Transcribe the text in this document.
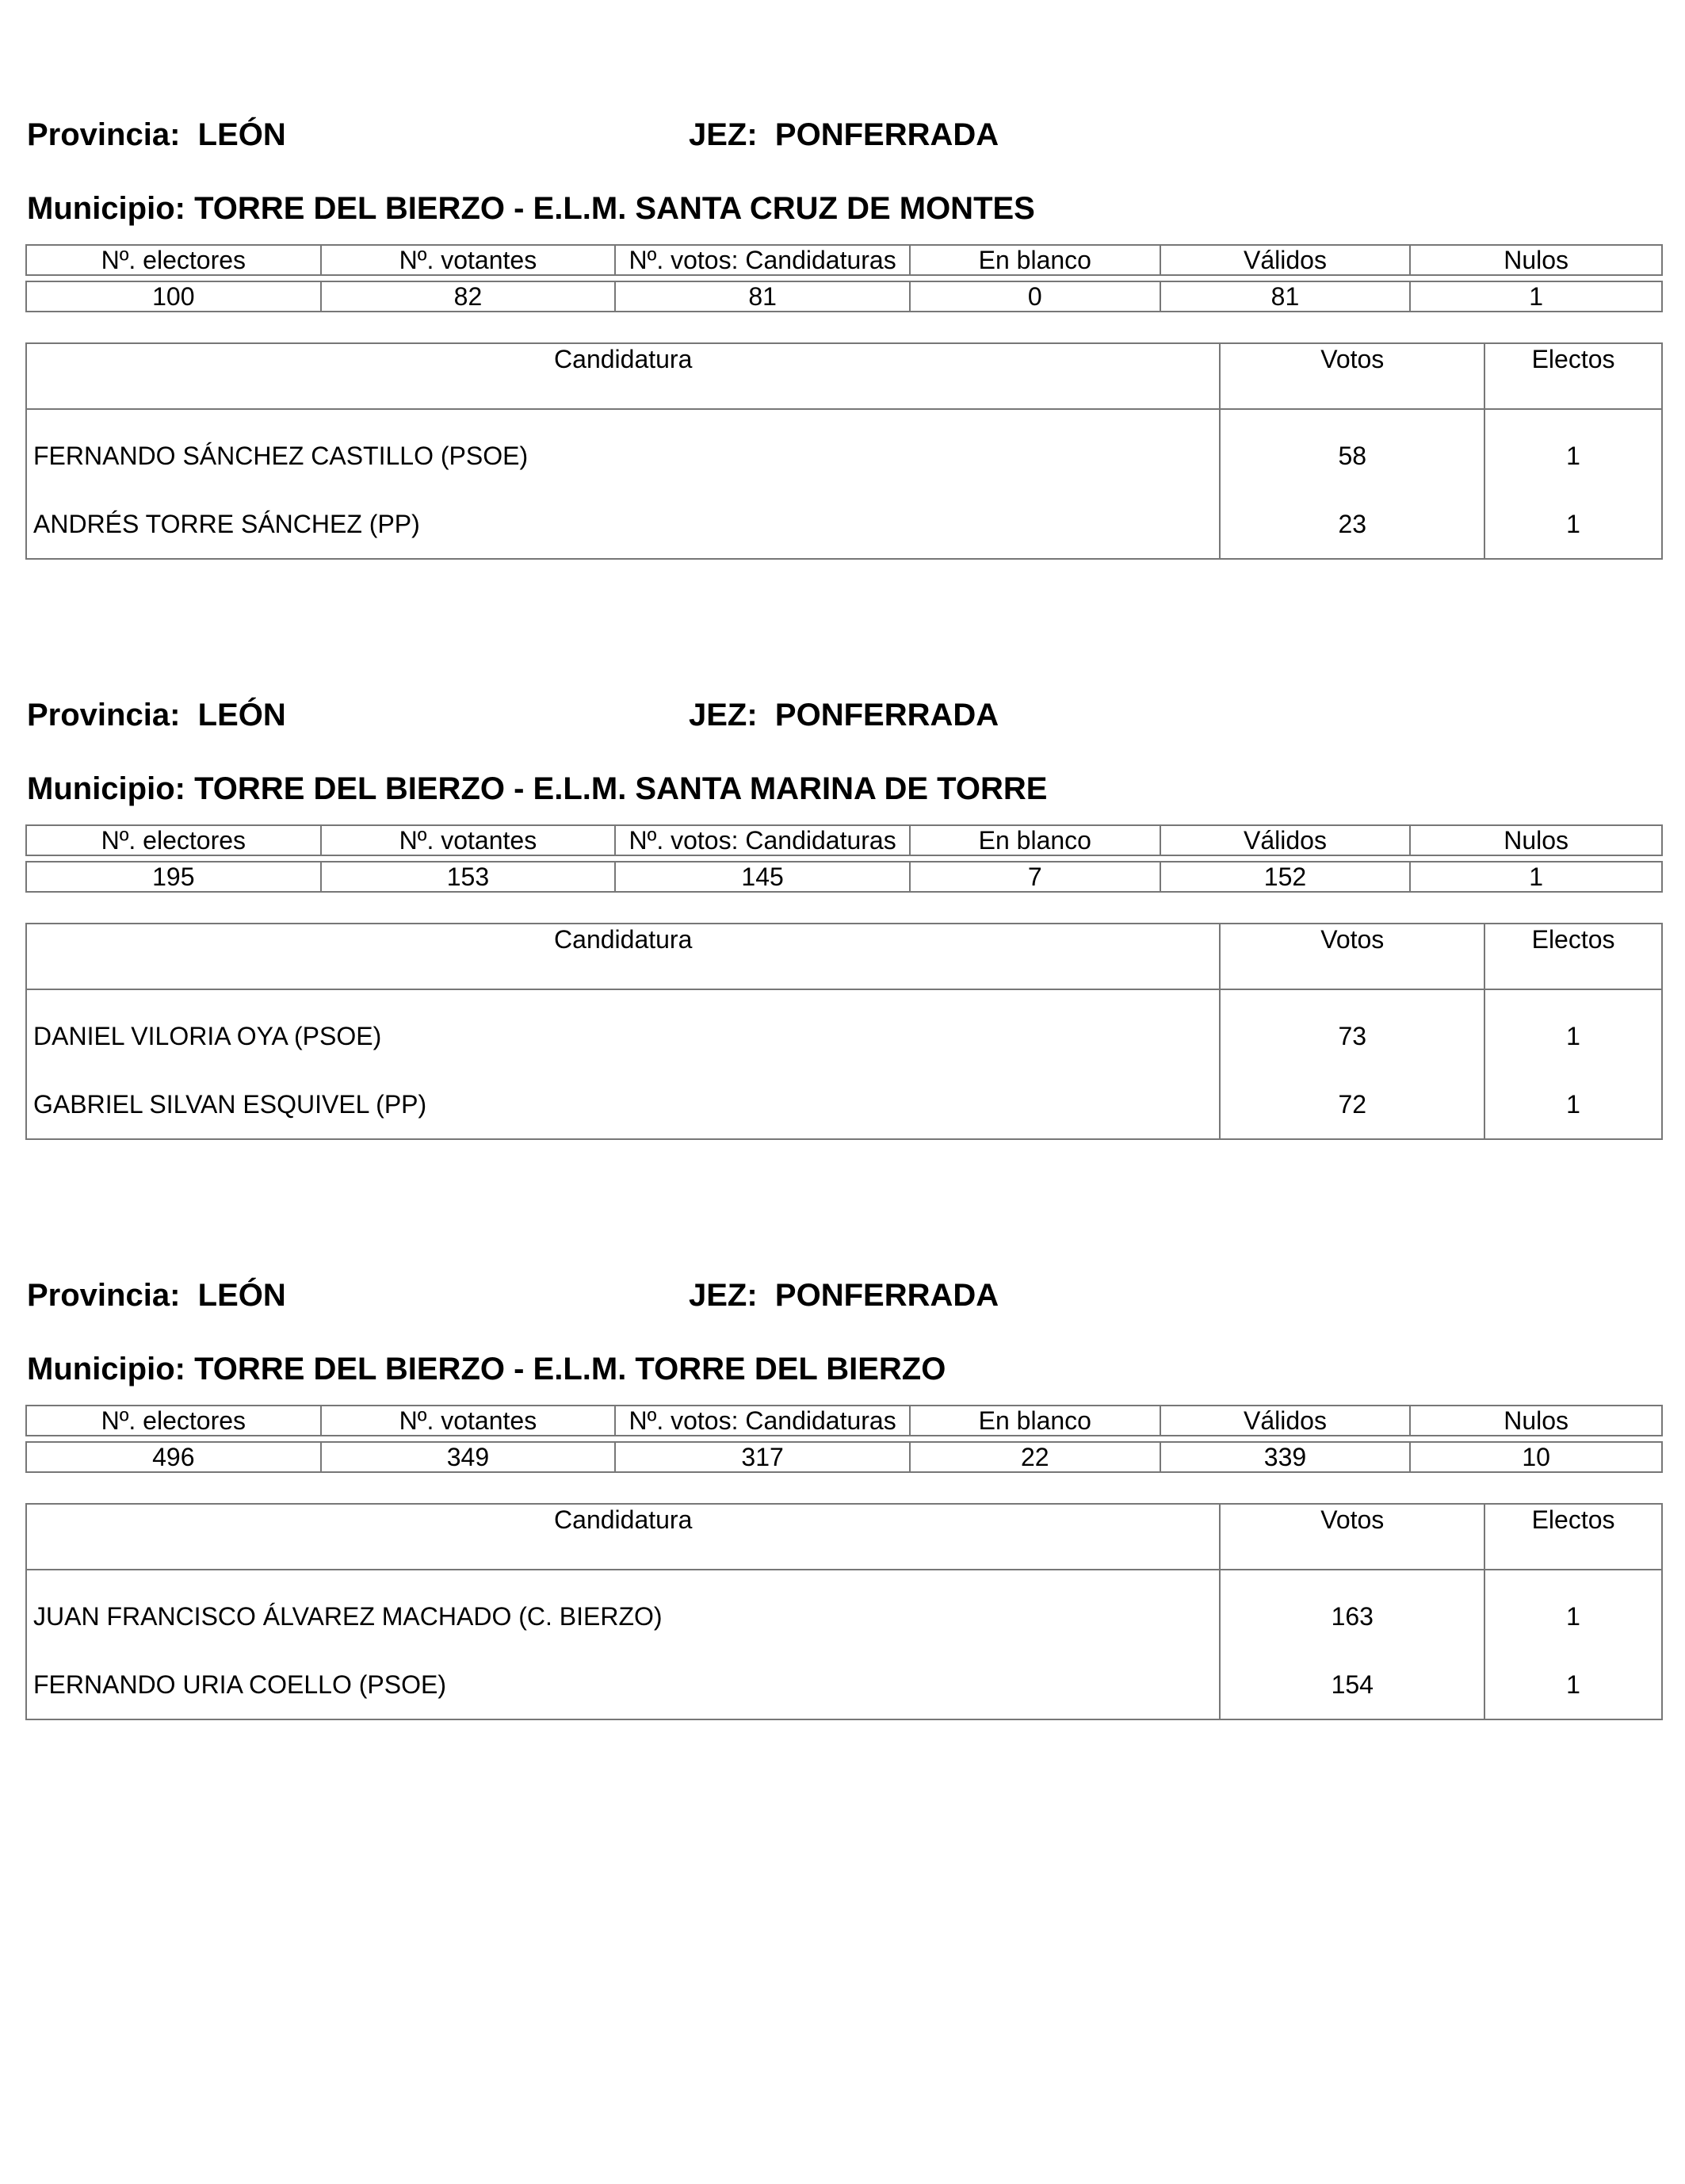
Provincia: LEÓN	JEZ: PONFERRADA
Municipio: TORRE DEL BIERZO - E.L.M. SANTA CRUZ DE MONTES
Nº. electores	Nº. votantes	Nº. votos: Candidaturas	En blanco	Válidos	Nulos

100	82	81	0	81	1
Candidatura	Votos	Electos
FERNANDO SÁNCHEZ CASTILLO (PSOE)	58	1
ANDRÉS TORRE SÁNCHEZ (PP)	23	1
Provincia: LEÓN	JEZ: PONFERRADA
Municipio: TORRE DEL BIERZO - E.L.M. SANTA MARINA DE TORRE
Nº. electores	Nº. votantes	Nº. votos: Candidaturas	En blanco	Válidos	Nulos

195	153	145	7	152	1
Candidatura	Votos	Electos
DANIEL VILORIA OYA (PSOE)	73	1
GABRIEL SILVAN ESQUIVEL (PP)	72	1
Provincia: LEÓN	JEZ: PONFERRADA
Municipio: TORRE DEL BIERZO - E.L.M. TORRE DEL BIERZO
Nº. electores	Nº. votantes	Nº. votos: Candidaturas	En blanco	Válidos	Nulos

496	349	317	22	339	10
Candidatura	Votos	Electos
JUAN FRANCISCO ÁLVAREZ MACHADO (C. BIERZO)	163	1
FERNANDO URIA COELLO (PSOE)	154	1
